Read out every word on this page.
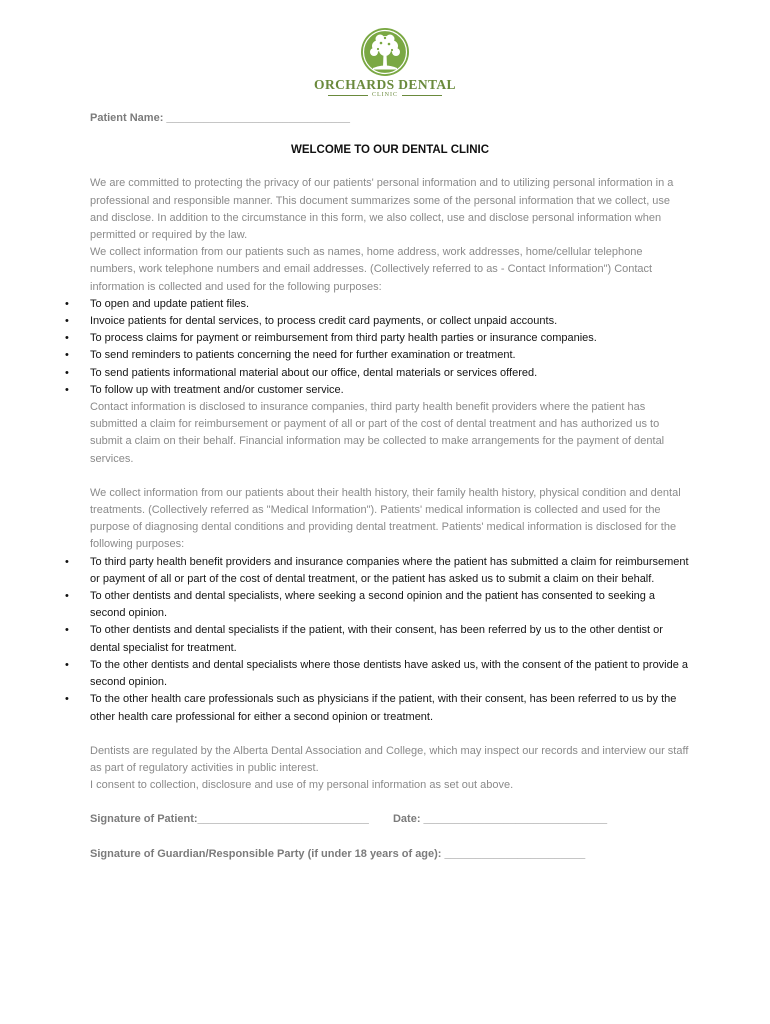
ORCHARDS DENTAL
CLINIC

Patient Name: ______________________________

WELCOME TO OUR DENTAL CLINIC

We are committed to protecting the privacy of our patients' personal information and to utilizing personal information in a professional and responsible manner. This document summarizes some of the personal information that we collect, use and disclose. In addition to the circumstance in this form, we also collect, use and disclose personal information when permitted or required by the law.

We collect information from our patients such as names, home address, work addresses, home/cellular telephone numbers, work telephone numbers and email addresses. (Collectively referred to as - Contact Information") Contact information is collected and used for the following purposes:

• To open and update patient files.
• Invoice patients for dental services, to process credit card payments, or collect unpaid accounts.
• To process claims for payment or reimbursement from third party health parties or insurance companies.
• To send reminders to patients concerning the need for further examination or treatment.
• To send patients informational material about our office, dental materials or services offered.
• To follow up with treatment and/or customer service.

Contact information is disclosed to insurance companies, third party health benefit providers where the patient has submitted a claim for reimbursement or payment of all or part of the cost of dental treatment and has authorized us to submit a claim on their behalf. Financial information may be collected to make arrangements for the payment of dental services.

We collect information from our patients about their health history, their family health history, physical condition and dental treatments. (Collectively referred as "Medical Information"). Patients' medical information is collected and used for the purpose of diagnosing dental conditions and providing dental treatment. Patients' medical information is disclosed for the following purposes:

• To third party health benefit providers and insurance companies where the patient has submitted a claim for reimbursement or payment of all or part of the cost of dental treatment, or the patient has asked us to submit a claim on their behalf.
• To other dentists and dental specialists, where seeking a second opinion and the patient has consented to seeking a second opinion.
• To other dentists and dental specialists if the patient, with their consent, has been referred by us to the other dentist or dental specialist for treatment.
• To the other dentists and dental specialists where those dentists have asked us, with the consent of the patient to provide a second opinion.
• To the other health care professionals such as physicians if the patient, with their consent, has been referred to us by the other health care professional for either a second opinion or treatment.

Dentists are regulated by the Alberta Dental Association and College, which may inspect our records and interview our staff as part of regulatory activities in public interest.

I consent to collection, disclosure and use of my personal information as set out above.

Signature of Patient:____________________________ Date: ______________________________

Signature of Guardian/Responsible Party (if under 18 years of age): _______________________
